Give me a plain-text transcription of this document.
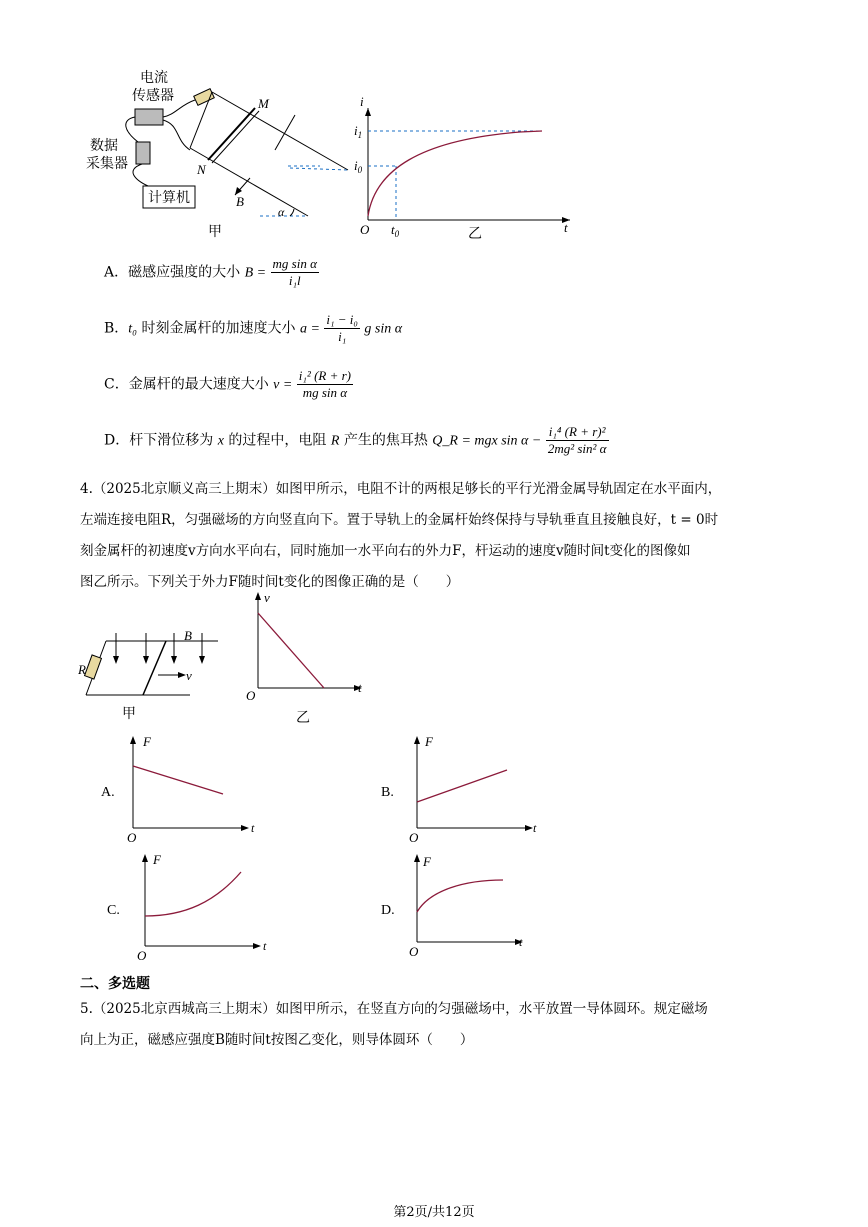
电流
传感器
数据
采集器
计算机
M
N
B
α
甲
i
$i_1$
$i_0$
O $t_0$	t
乙
A．磁感应强度的大小 $B = \frac{\text{mg sin α}}{\text{i₁l}}$
B．t₀ 时刻金属杆的加速度大小 $a = \frac{\text{i₁ − i₀}}{\text{i₁}}$ g sin α
C．金属杆的最大速度大小 $v = \frac{\text{i₁² (R + r)}}{\text{mg sin α}}$
D．杆下滑位移为 x 的过程中，电阻 R 产生的焦耳热 Q_R = mgx $\sin \alpha - \frac{\text{i₁⁴ (R + r)²}}{\text{2mg² sin² α}}$
4.（2025北京顺义高三上期末）如图甲所示，电阻不计的两根足够长的平行光滑金属导轨固定在水平面内，
左端连接电阻R，匀强磁场的方向竖直向下。置于导轨上的金属杆始终保持与导轨垂直且接触良好，t = 0时
刻金属杆的初速度v方向水平向右，同时施加一水平向右的外力F，杆运动的速度v随时间t变化的图像如
图乙所示。下列关于外力F随时间t变化的图像正确的是（　　）
B
R	v
甲
v
O
t
乙
A.
F
O
t
B.
F
O
t
C.
F
O
t
D.
F
O
t
二、多选题
5.（2025北京西城高三上期末）如图甲所示，在竖直方向的匀强磁场中，水平放置一导体圆环。规定磁场
向上为正，磁感应强度B随时间t按图乙变化，则导体圆环（　　）
第2页/共12页
